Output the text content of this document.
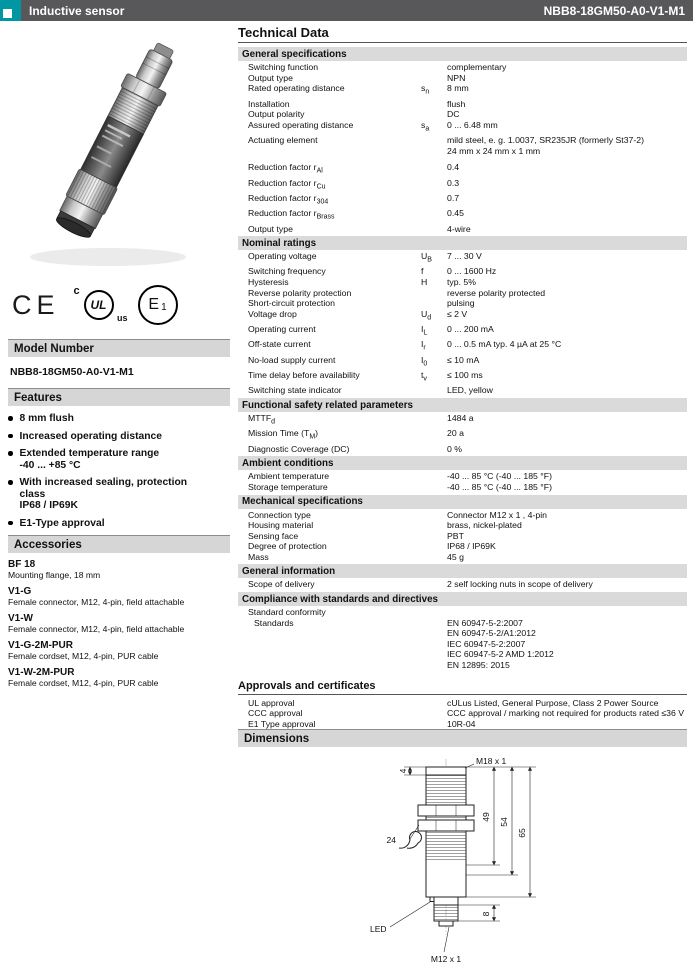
Inductive sensor	NBB8-18GM50-A0-V1-M1
CE c
UL
us
E 1
Model Number
NBB8-18GM50-A0-V1-M1
Features
8 mm flush
Increased operating distance
Extended temperature range
-40 ... +85 °C
With increased sealing, protection
class
IP68 / IP69K
E1-Type approval
Accessories
BF 18
Mounting flange, 18 mm
V1-G
Female connector, M12, 4-pin, field attachable
V1-W
Female connector, M12, 4-pin, field attachable
V1-G-2M-PUR
Female cordset, M12, 4-pin, PUR cable
V1-W-2M-PUR
Female cordset, M12, 4-pin, PUR cable
Technical Data
General specifications
Switching function	complementary
Output type	NPN
Rated operating distance	$s_n$	8 mm
Installation	flush
Output polarity	DC
Assured operating distance	$s_a$	0 ... 6.48 mm
Actuating element	mild steel, e. g. 1.0037, SR235JR (formerly St37-2)
24 mm x 24 mm x 1 mm
Reduction factor $r_{Al}$	0.4
Reduction factor $r_{Cu}$	0.3
Reduction factor $r_{304}$	0.7
Reduction factor $r_{Brass}$	0.45
Output type	4-wire
Nominal ratings
Operating voltage	$U_B$	7 ... 30 V
Switching frequency	f	0 ... 1600 Hz
Hysteresis	H	typ. 5%
Reverse polarity protection	reverse polarity protected
Short-circuit protection	pulsing
Voltage drop	$U_d$	≤ 2 V
Operating current	$I_L$	0 ... 200 mA
Off-state current	$I_r$	0 ... 0.5 mA typ. 4 µA at 25 °C
No-load supply current	$I_0$	≤ 10 mA
Time delay before availability	$t_v$	≤ 100 ms
Switching state indicator	LED, yellow
Functional safety related parameters
$MTTF_d$	1484 a
Mission Time $(T_M)$	20 a
Diagnostic Coverage (DC)	0 %
Ambient conditions
Ambient temperature	-40 ... 85 °C (-40 ... 185 °F)
Storage temperature	-40 ... 85 °C (-40 ... 185 °F)
Mechanical specifications
Connection type	Connector M12 x 1 , 4-pin
Housing material	brass, nickel-plated
Sensing face	PBT
Degree of protection	IP68 / IP69K
Mass	45 g
General information
Scope of delivery	2 self locking nuts in scope of delivery
Compliance with standards and directives
Standard conformity
Standards	EN 60947-5-2:2007
EN 60947-5-2/A1:2012
IEC 60947-5-2:2007
IEC 60947-5-2 AMD 1:2012
EN 12895: 2015
Approvals and certificates
UL approval	cULus Listed, General Purpose, Class 2 Power Source
CCC approval	CCC approval / marking not required for products rated ≤36 V
E1 Type approval	10R-04
Dimensions
M18 x 1
4
49
54
65
24
LED
8
M12 x 1
